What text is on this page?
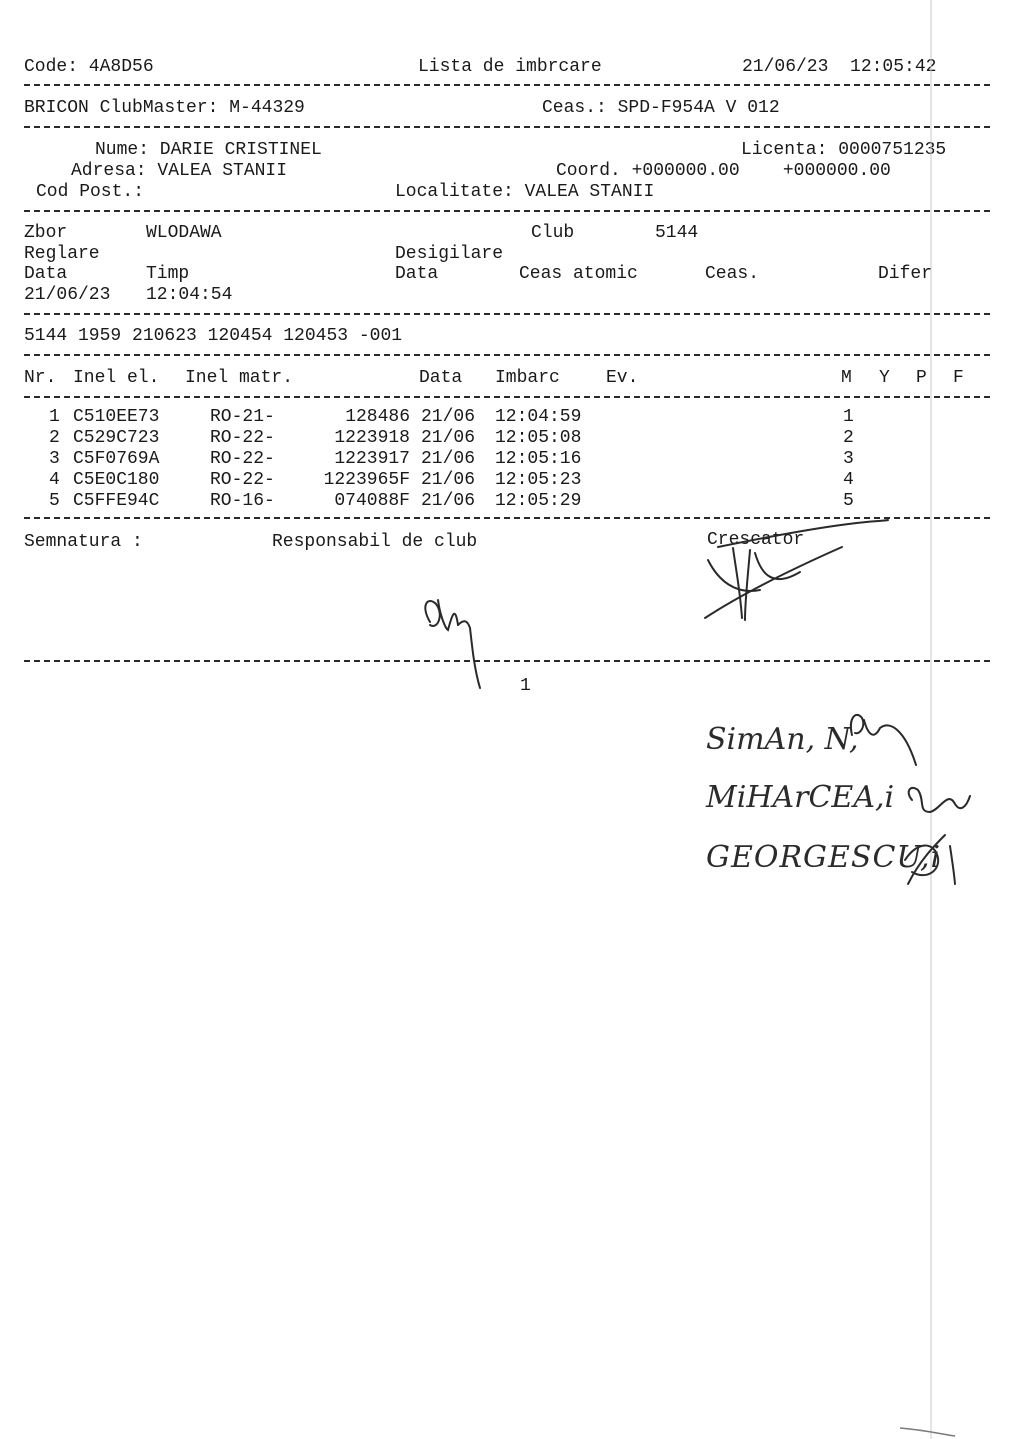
Code: 4A8D56	Lista de imbrcare	21/06/23  12:05:42
BRICON ClubMaster: M-44329	Ceas.: SPD-F954A V 012
Nume: DARIE CRISTINEL	Licenta: 0000751235
Adresa: VALEA STANII	Coord. +000000.00    +000000.00
Cod Post.:	Localitate: VALEA STANII
Zbor	WLODAWA	Club	5144
Reglare	Desigilare
Data	Timp	Data	Ceas atomic	Ceas.	Difer
21/06/23 12:04:54
5144 1959 210623 120454 120453 -001
Nr. Inel el. Inel matr.	Data Imbarc	Ev.	M Y P F
1 C510EE73	RO-21-	128486 21/06 12:04:59	1
2 C529C723	RO-22-	1223918 21/06 12:05:08	2
3 C5F0769A	RO-22-	1223917 21/06 12:05:16	3
4 C5E0C180	RO-22-	1223965F 21/06 12:05:23	4
5 C5FFE94C	RO-16-	074088F 21/06 12:05:29	5
Semnatura :	Responsabil de club	Crescator
1
SimAn, N,
MiHArCEA,i
GEORGESCU,i
